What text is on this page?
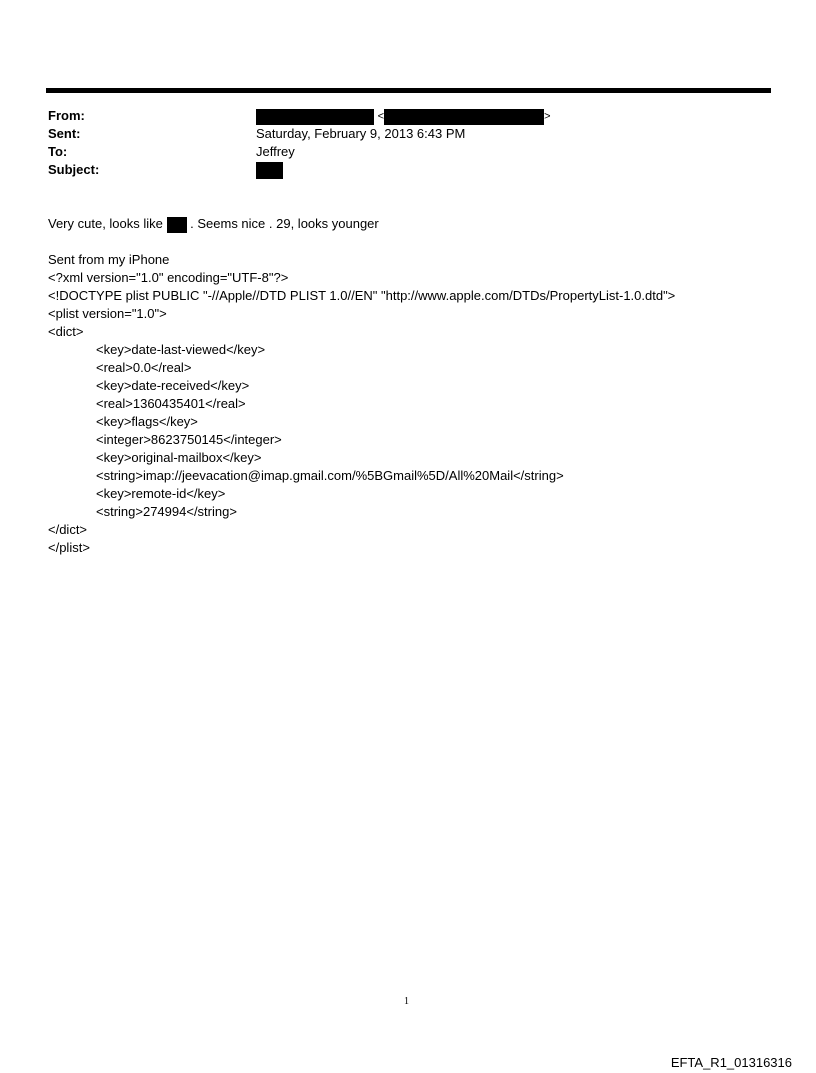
From:	<	>
Sent:	Saturday, February 9, 2013 6:43 PM
To:	Jeffrey
Subject:
Very cute, looks like . Seems nice . 29, looks younger
Sent from my iPhone
<?xml version="1.0" encoding="UTF-8"?>
<!DOCTYPE plist PUBLIC "-//Apple//DTD PLIST 1.0//EN" "http://www.apple.com/DTDs/PropertyList-1.0.dtd">
<plist version="1.0">
<dict>
<key>date-last-viewed</key>
<real>0.0</real>
<key>date-received</key>
<real>1360435401</real>
<key>flags</key>
<integer>8623750145</integer>
<key>original-mailbox</key>
<string>imap://jeevacation@imap.gmail.com/%5BGmail%5D/All%20Mail</string>
<key>remote-id</key>
<string>274994</string>
</dict>
</plist>
1
EFTA_R1_01316316
